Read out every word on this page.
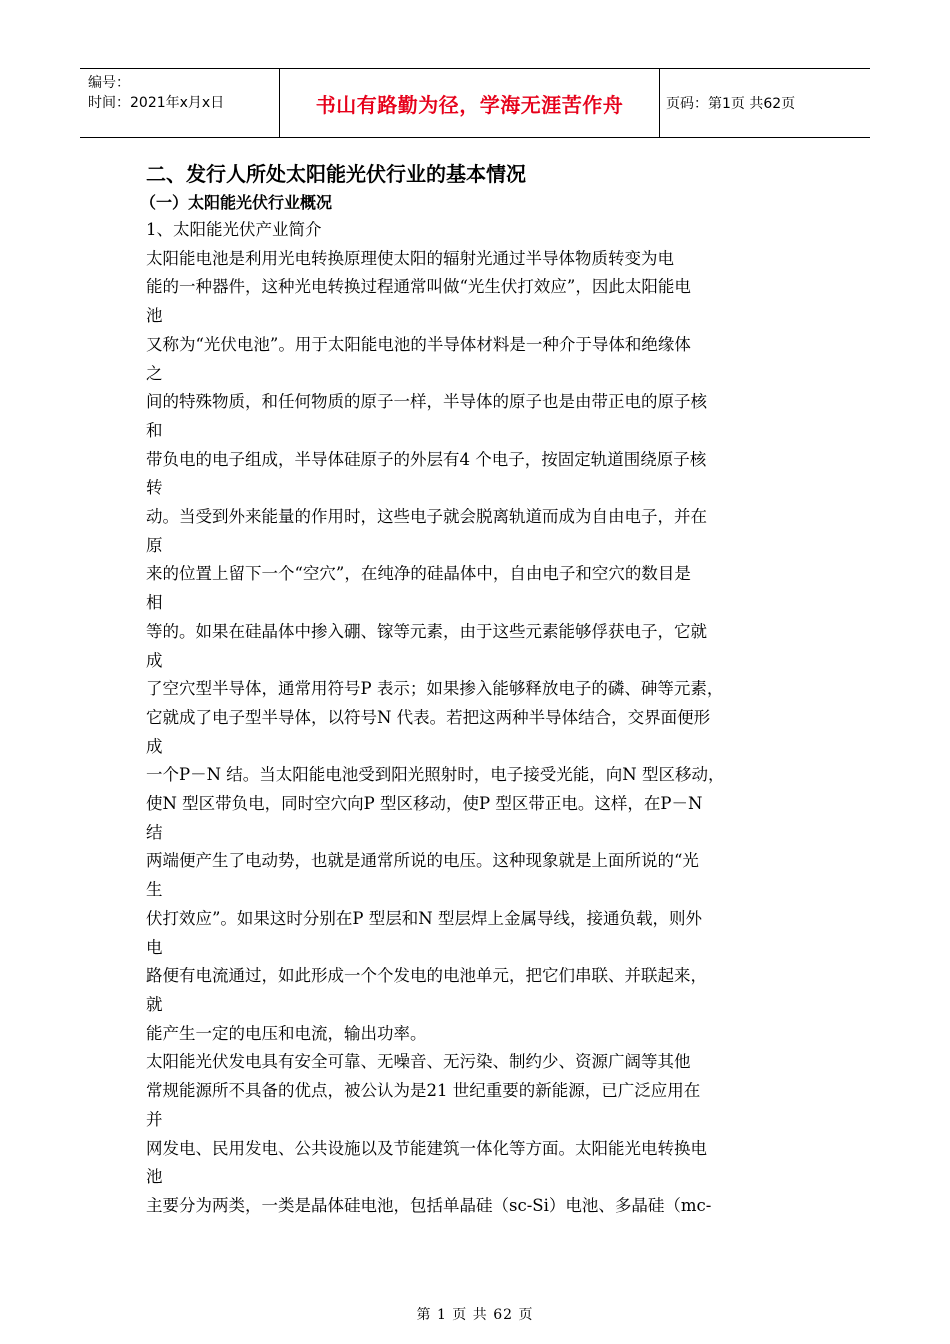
编号：
时间：2021年x月x日	书山有路勤为径，学海无涯苦作舟	页码：第1页 共62页
二、发行人所处太阳能光伏行业的基本情况
（一）太阳能光伏行业概况
1、太阳能光伏产业简介
太阳能电池是利用光电转换原理使太阳的辐射光通过半导体物质转变为电
能的一种器件，这种光电转换过程通常叫做“光生伏打效应”，因此太阳能电
池
又称为“光伏电池”。用于太阳能电池的半导体材料是一种介于导体和绝缘体
之
间的特殊物质，和任何物质的原子一样，半导体的原子也是由带正电的原子核
和
带负电的电子组成，半导体硅原子的外层有4 个电子，按固定轨道围绕原子核
转
动。当受到外来能量的作用时，这些电子就会脱离轨道而成为自由电子，并在
原
来的位置上留下一个“空穴”，在纯净的硅晶体中，自由电子和空穴的数目是
相
等的。如果在硅晶体中掺入硼、镓等元素，由于这些元素能够俘获电子，它就
成
了空穴型半导体，通常用符号P 表示；如果掺入能够释放电子的磷、砷等元素，
它就成了电子型半导体，以符号N 代表。若把这两种半导体结合，交界面便形
成
一个P－N 结。当太阳能电池受到阳光照射时，电子接受光能，向N 型区移动，
使N 型区带负电，同时空穴向P 型区移动，使P 型区带正电。这样，在P－N
结
两端便产生了电动势，也就是通常所说的电压。这种现象就是上面所说的“光
生
伏打效应”。如果这时分别在P 型层和N 型层焊上金属导线，接通负载，则外
电
路便有电流通过，如此形成一个个发电的电池单元，把它们串联、并联起来，
就
能产生一定的电压和电流，输出功率。
太阳能光伏发电具有安全可靠、无噪音、无污染、制约少、资源广阔等其他
常规能源所不具备的优点，被公认为是21 世纪重要的新能源，已广泛应用在
并
网发电、民用发电、公共设施以及节能建筑一体化等方面。太阳能光电转换电
池
主要分为两类，一类是晶体硅电池，包括单晶硅（sc-Si）电池、多晶硅（mc-
第 1 页 共 62 页
